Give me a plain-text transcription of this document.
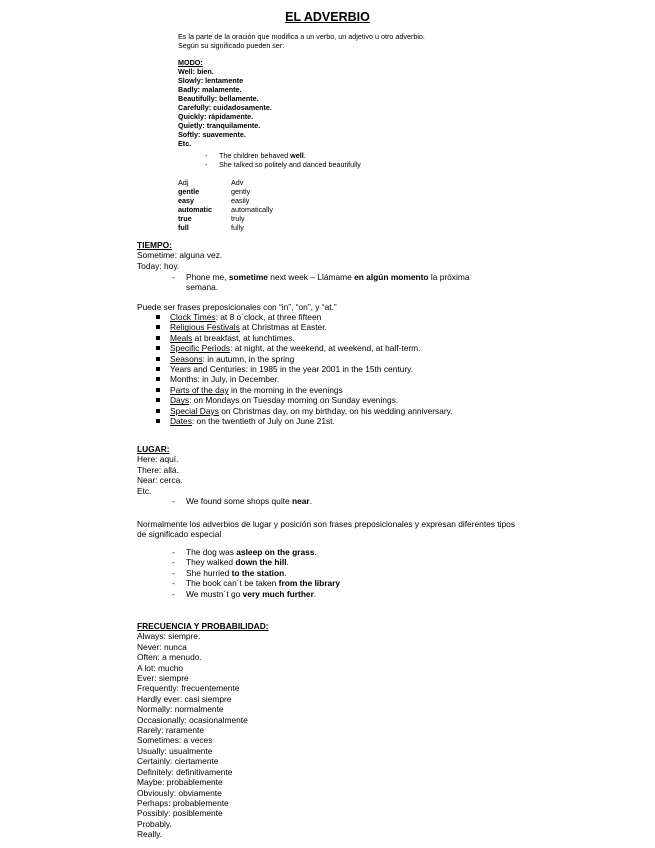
EL ADVERBIO
Es la parte de la oración que modifica a un verbo, un adjetivo u otro adverbio.
Según su significado pueden ser:
MODO:
Well: bien.
Slowly: lentamente
Badly: malamente.
Beautifully: bellamente.
Carefully: cuidadosamente.
Quickly: rápidamente.
Quietly: tranquilamente.
Softly: suavemente.
Etc.
- The children behaved well.
- She talked so politely and danced beautifully
Adj	Adv
gentle	gently
easy	easily
automatic	automatically
true	truly
full	fully
TIEMPO:
Sometime: alguna vez.
Today: hoy.
- Phone me, sometime next week – Llámame en algún momento la próxima
semana.
Puede ser frases preposicionales con “in”, “on”, y “at.”
Clock Times: at 8 o´clock, at three fifteen
Religious Festivals at Christmas at Easter.
Meals at breakfast, at lunchtimes.
Specific Periods: at night, at the weekend, at weekend, at half-term.
Seasons: in autumn, in the spring
Years and Centuries: in 1985 in the year 2001 in the 15th century.
Months: in July, in December.
Parts of the day in the morning in the evenings
Days: on Mondays on Tuesday morning on Sunday evenings.
Special Days on Christmas day, on my birthday, on his wedding anniversary.
Dates: on the twentieth of July on June 21st.
LUGAR:
Here: aquí.
There: allá.
Near: cerca.
Etc.
- We found some shops quite near.
Normalmente los adverbios de lugar y posición son frases preposicionales y expresan diferentes tipos de significado especial
- The dog was asleep on the grass.
- They walked down the hill.
- She hurried to the station.
- The book can´t be taken from the library
- We mustn´t go very much further.
FRECUENCIA Y PROBABILIDAD:
Always: siempre.
Never: nunca
Often: a menudo.
A lot: mucho
Ever: siempre
Frequently: frecuentemente
Hardly ever: casi siempre
Normally: normalmente
Occasionally: ocasionalmente
Rarely: raramente
Sometimes: a veces
Usually: usualmente
Certainly: ciertamente
Definitely: definitivamente
Maybe: probablemente
Obviously: obviamente
Perhaps: probablemente
Possibly: posiblemente
Probably.
Really.
